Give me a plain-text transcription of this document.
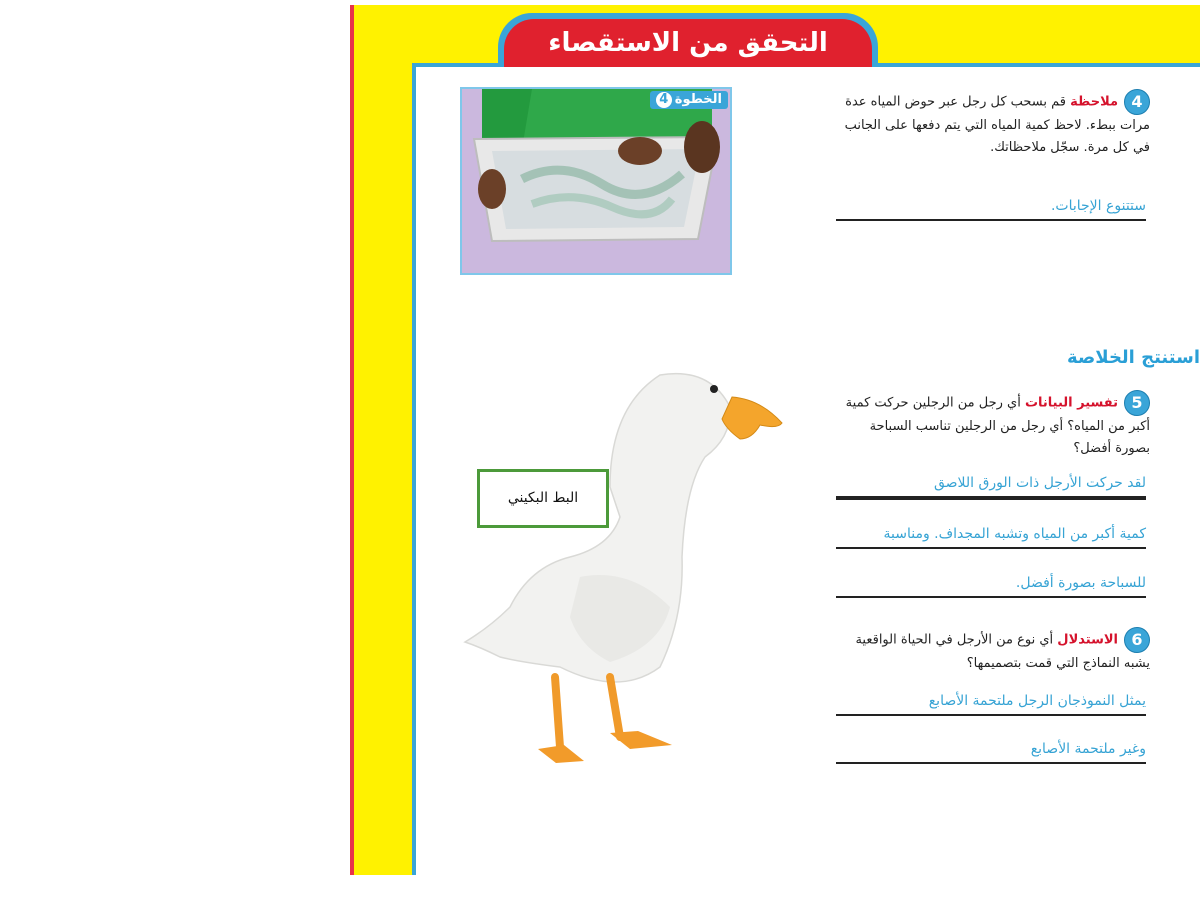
التحقق من الاستقصاء
الخطوة4	4ملاحظة قم بسحب كل رجل عبر حوض المياه عدة مرات ببطء. لاحظ كمية المياه التي يتم دفعها على الجانب في كل مرة. سجّل ملاحظاتك.
ستتنوع الإجابات.
استنتج الخلاصة
5تفسير البيانات أي رجل من الرجلين حركت كمية أكبر من المياه؟ أي رجل من الرجلين تناسب السباحة بصورة أفضل؟
لقد حركت الأرجل ذات الورق اللاصق
كمية أكبر من المياه وتشبه المجداف. ومناسبة
للسباحة بصورة أفضل.
6الاستدلال أي نوع من الأرجل في الحياة الواقعية يشبه النماذج التي قمت بتصميمها؟
يمثل النموذجان الرجل ملتحمة الأصابع
وغير ملتحمة الأصابع
البط البكيني
